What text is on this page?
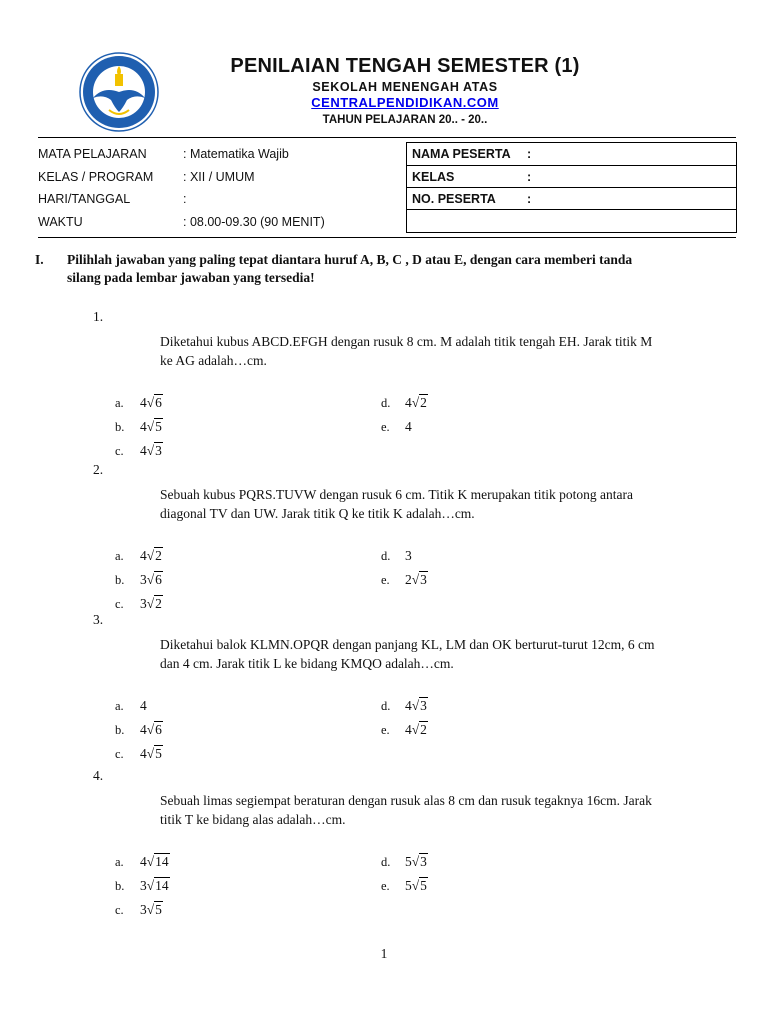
PENILAIAN TENGAH SEMESTER (1)
SEKOLAH MENENGAH ATAS
CENTRALPENDIDIKAN.COM
TAHUN PELAJARAN 20.. - 20..
MATA PELAJARAN	: Matematika Wajib
KELAS / PROGRAM : XII / UMUM
HARI/TANGGAL	:
WAKTU	: 08.00-09.30 (90 MENIT)
NAMA PESERTA :
KELAS	:
NO. PESERTA :
I. Pilihlah jawaban yang paling tepat diantara huruf A, B, C , D atau E, dengan cara memberi tanda
silang pada lembar jawaban yang tersedia!
1.
Diketahui kubus ABCD.EFGH dengan rusuk 8 cm. M adalah titik tengah EH. Jarak titik M
ke AG adalah…cm.
a. 4√6
b. 4√5
c. 4√3
d. 4√2
e. 4
2.
Sebuah kubus PQRS.TUVW dengan rusuk 6 cm. Titik K merupakan titik potong antara
diagonal TV dan UW. Jarak titik Q ke titik K adalah…cm.
a. 4√2
b. 3√6
c. 3√2
d. 3
e. 2√3
3.
Diketahui balok KLMN.OPQR dengan panjang KL, LM dan OK berturut-turut 12cm, 6 cm
dan 4 cm. Jarak titik L ke bidang KMQO adalah…cm.
a. 4
b. 4√6
c. 4√5
d. 4√3
e. 4√2
4.
Sebuah limas segiempat beraturan dengan rusuk alas 8 cm dan rusuk tegaknya 16cm. Jarak
titik T ke bidang alas adalah…cm.
a. 4√14
b. 3√14
c. 3√5
d. 5√3
e. 5√5
1
